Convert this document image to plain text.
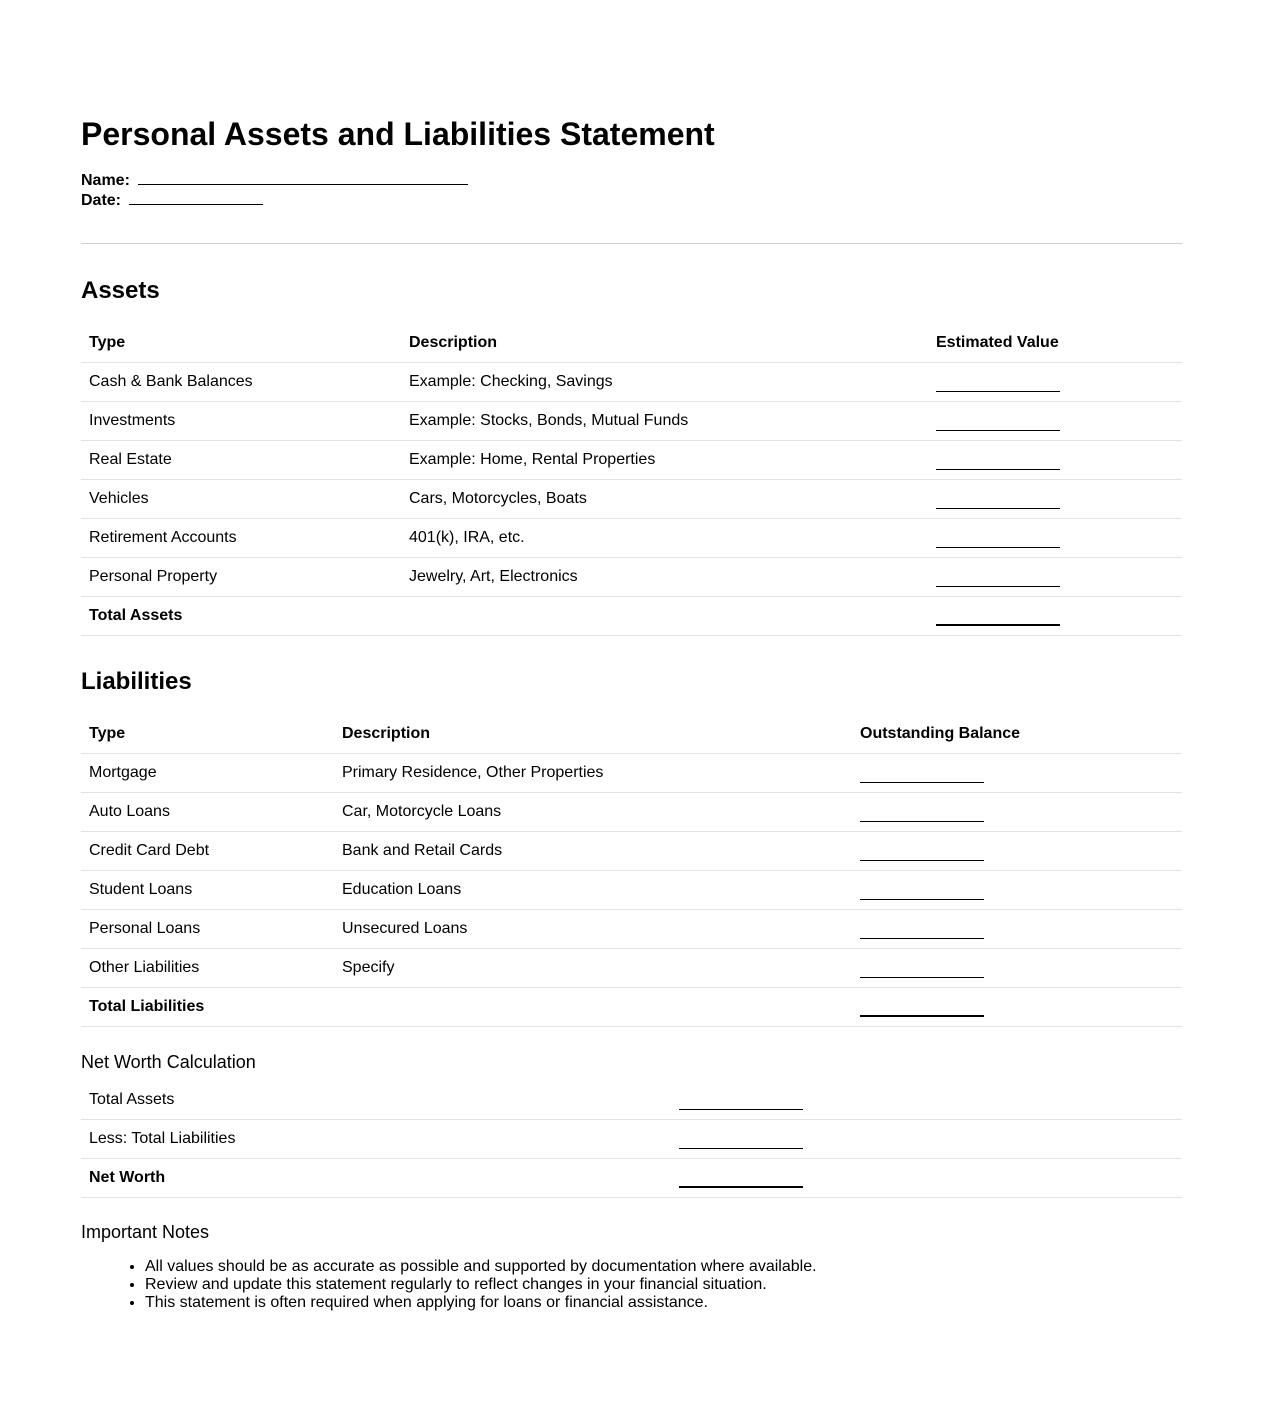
Personal Assets and Liabilities Statement
Name:
Date:
Assets
Type	Description	Estimated Value
Cash & Bank Balances	Example: Checking, Savings	
Investments	Example: Stocks, Bonds, Mutual Funds	
Real Estate	Example: Home, Rental Properties	
Vehicles	Cars, Motorcycles, Boats	
Retirement Accounts	401(k), IRA, etc.	
Personal Property	Jewelry, Art, Electronics	
Total Assets		
Liabilities
Type	Description	Outstanding Balance
Mortgage	Primary Residence, Other Properties	
Auto Loans	Car, Motorcycle Loans	
Credit Card Debt	Bank and Retail Cards	
Student Loans	Education Loans	
Personal Loans	Unsecured Loans	
Other Liabilities	Specify	
Total Liabilities		
Net Worth Calculation
Total Assets	
Less: Total Liabilities	
Net Worth	
Important Notes
• All values should be as accurate as possible and supported by documentation where available.
• Review and update this statement regularly to reflect changes in your financial situation.
• This statement is often required when applying for loans or financial assistance.
